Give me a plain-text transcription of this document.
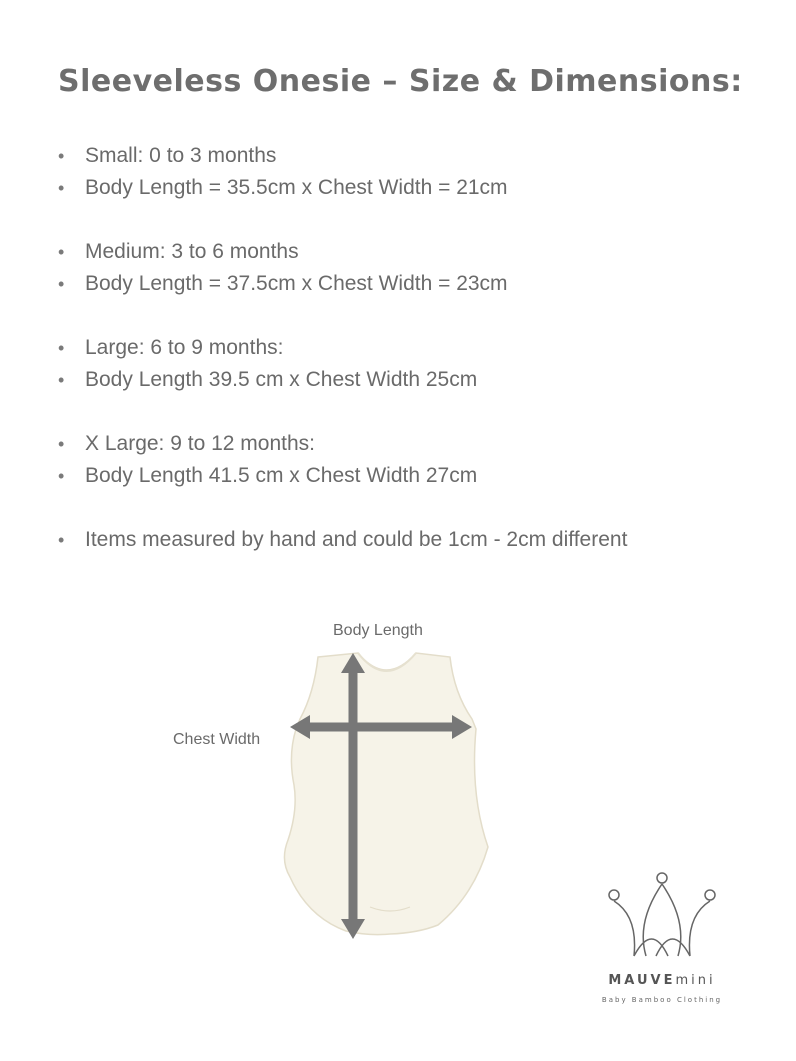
Sleeveless Onesie – Size & Dimensions:
• Small: 0 to 3 months
• Body Length = 35.5cm x Chest Width = 21cm
• Medium: 3 to 6 months
• Body Length = 37.5cm x Chest Width = 23cm
• Large: 6 to 9 months:
• Body Length 39.5 cm x Chest Width 25cm
• X Large: 9 to 12 months:
• Body Length 41.5 cm x Chest Width 27cm
• Items measured by hand and could be 1cm - 2cm different
Body Length
Chest Width
MAUVEmini
Baby Bamboo Clothing
